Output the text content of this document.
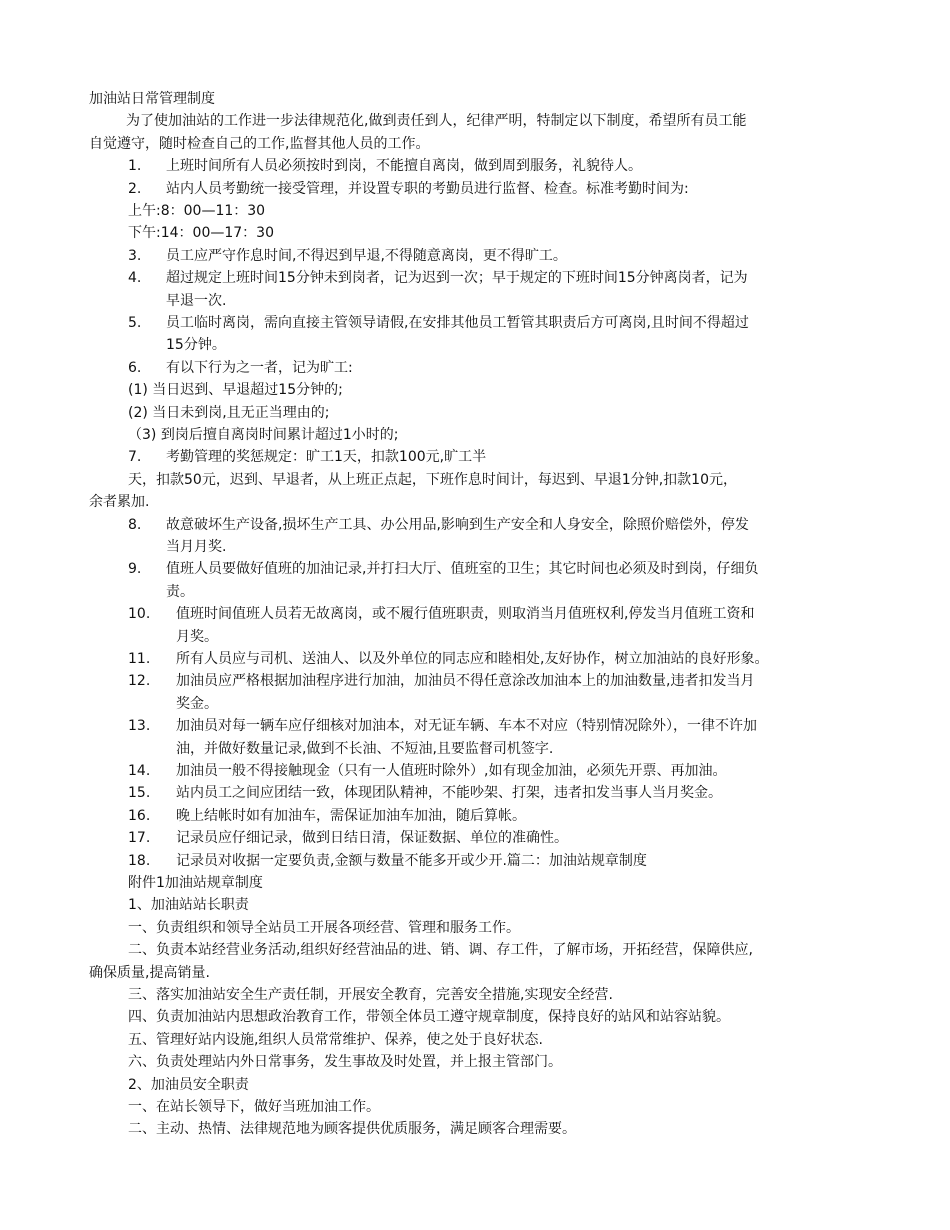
加油站日常管理制度
为了使加油站的工作进一步法律规范化,做到责任到人，纪律严明，特制定以下制度，希望所有员工能
自觉遵守，随时检查自己的工作,监督其他人员的工作。
1. 上班时间所有人员必须按时到岗，不能擅自离岗，做到周到服务，礼貌待人。
2. 站内人员考勤统一接受管理，并设置专职的考勤员进行监督、检查。标准考勤时间为:
上午:8：00—11：30
下午:14：00—17：30
3. 员工应严守作息时间,不得迟到早退,不得随意离岗，更不得旷工。
4. 超过规定上班时间15分钟未到岗者，记为迟到一次；早于规定的下班时间15分钟离岗者，记为
早退一次.
5. 员工临时离岗，需向直接主管领导请假,在安排其他员工暂管其职责后方可离岗,且时间不得超过
15分钟。
6. 有以下行为之一者，记为旷工:
(1) 当日迟到、早退超过15分钟的;
(2) 当日未到岗,且无正当理由的;
（3) 到岗后擅自离岗时间累计超过1小时的;
7. 考勤管理的奖惩规定：旷工1天，扣款100元,旷工半
天，扣款50元，迟到、早退者，从上班正点起，下班作息时间计，每迟到、早退1分钟,扣款10元，
余者累加.
8. 故意破坏生产设备,损坏生产工具、办公用品,影响到生产安全和人身安全，除照价赔偿外，停发
当月月奖.
9. 值班人员要做好值班的加油记录,并打扫大厅、值班室的卫生；其它时间也必须及时到岗，仔细负
责。
10. 值班时间值班人员若无故离岗，或不履行值班职责，则取消当月值班权利,停发当月值班工资和
月奖。
11. 所有人员应与司机、送油人、以及外单位的同志应和睦相处,友好协作，树立加油站的良好形象。
12. 加油员应严格根据加油程序进行加油，加油员不得任意涂改加油本上的加油数量,违者扣发当月
奖金。
13. 加油员对每一辆车应仔细核对加油本，对无证车辆、车本不对应（特别情况除外），一律不许加
油，并做好数量记录,做到不长油、不短油,且要监督司机签字.
14. 加油员一般不得接触现金（只有一人值班时除外）,如有现金加油，必须先开票、再加油。
15. 站内员工之间应团结一致，体现团队精神，不能吵架、打架，违者扣发当事人当月奖金。
16. 晚上结帐时如有加油车，需保证加油车加油，随后算帐。
17. 记录员应仔细记录，做到日结日清，保证数据、单位的准确性。
18. 记录员对收据一定要负责,金额与数量不能多开或少开.篇二：加油站规章制度
附件1加油站规章制度
1、加油站站长职责
一、负责组织和领导全站员工开展各项经营、管理和服务工作。
二、负责本站经营业务活动,组织好经营油品的进、销、调、存工件，了解市场，开拓经营，保障供应,
确保质量,提高销量.
三、落实加油站安全生产责任制，开展安全教育，完善安全措施,实现安全经营.
四、负责加油站内思想政治教育工作，带领全体员工遵守规章制度，保持良好的站风和站容站貌。
五、管理好站内设施,组织人员常常维护、保养，使之处于良好状态.
六、负责处理站内外日常事务，发生事故及时处置，并上报主管部门。
2、加油员安全职责
一、在站长领导下，做好当班加油工作。
二、主动、热情、法律规范地为顾客提供优质服务，满足顾客合理需要。
